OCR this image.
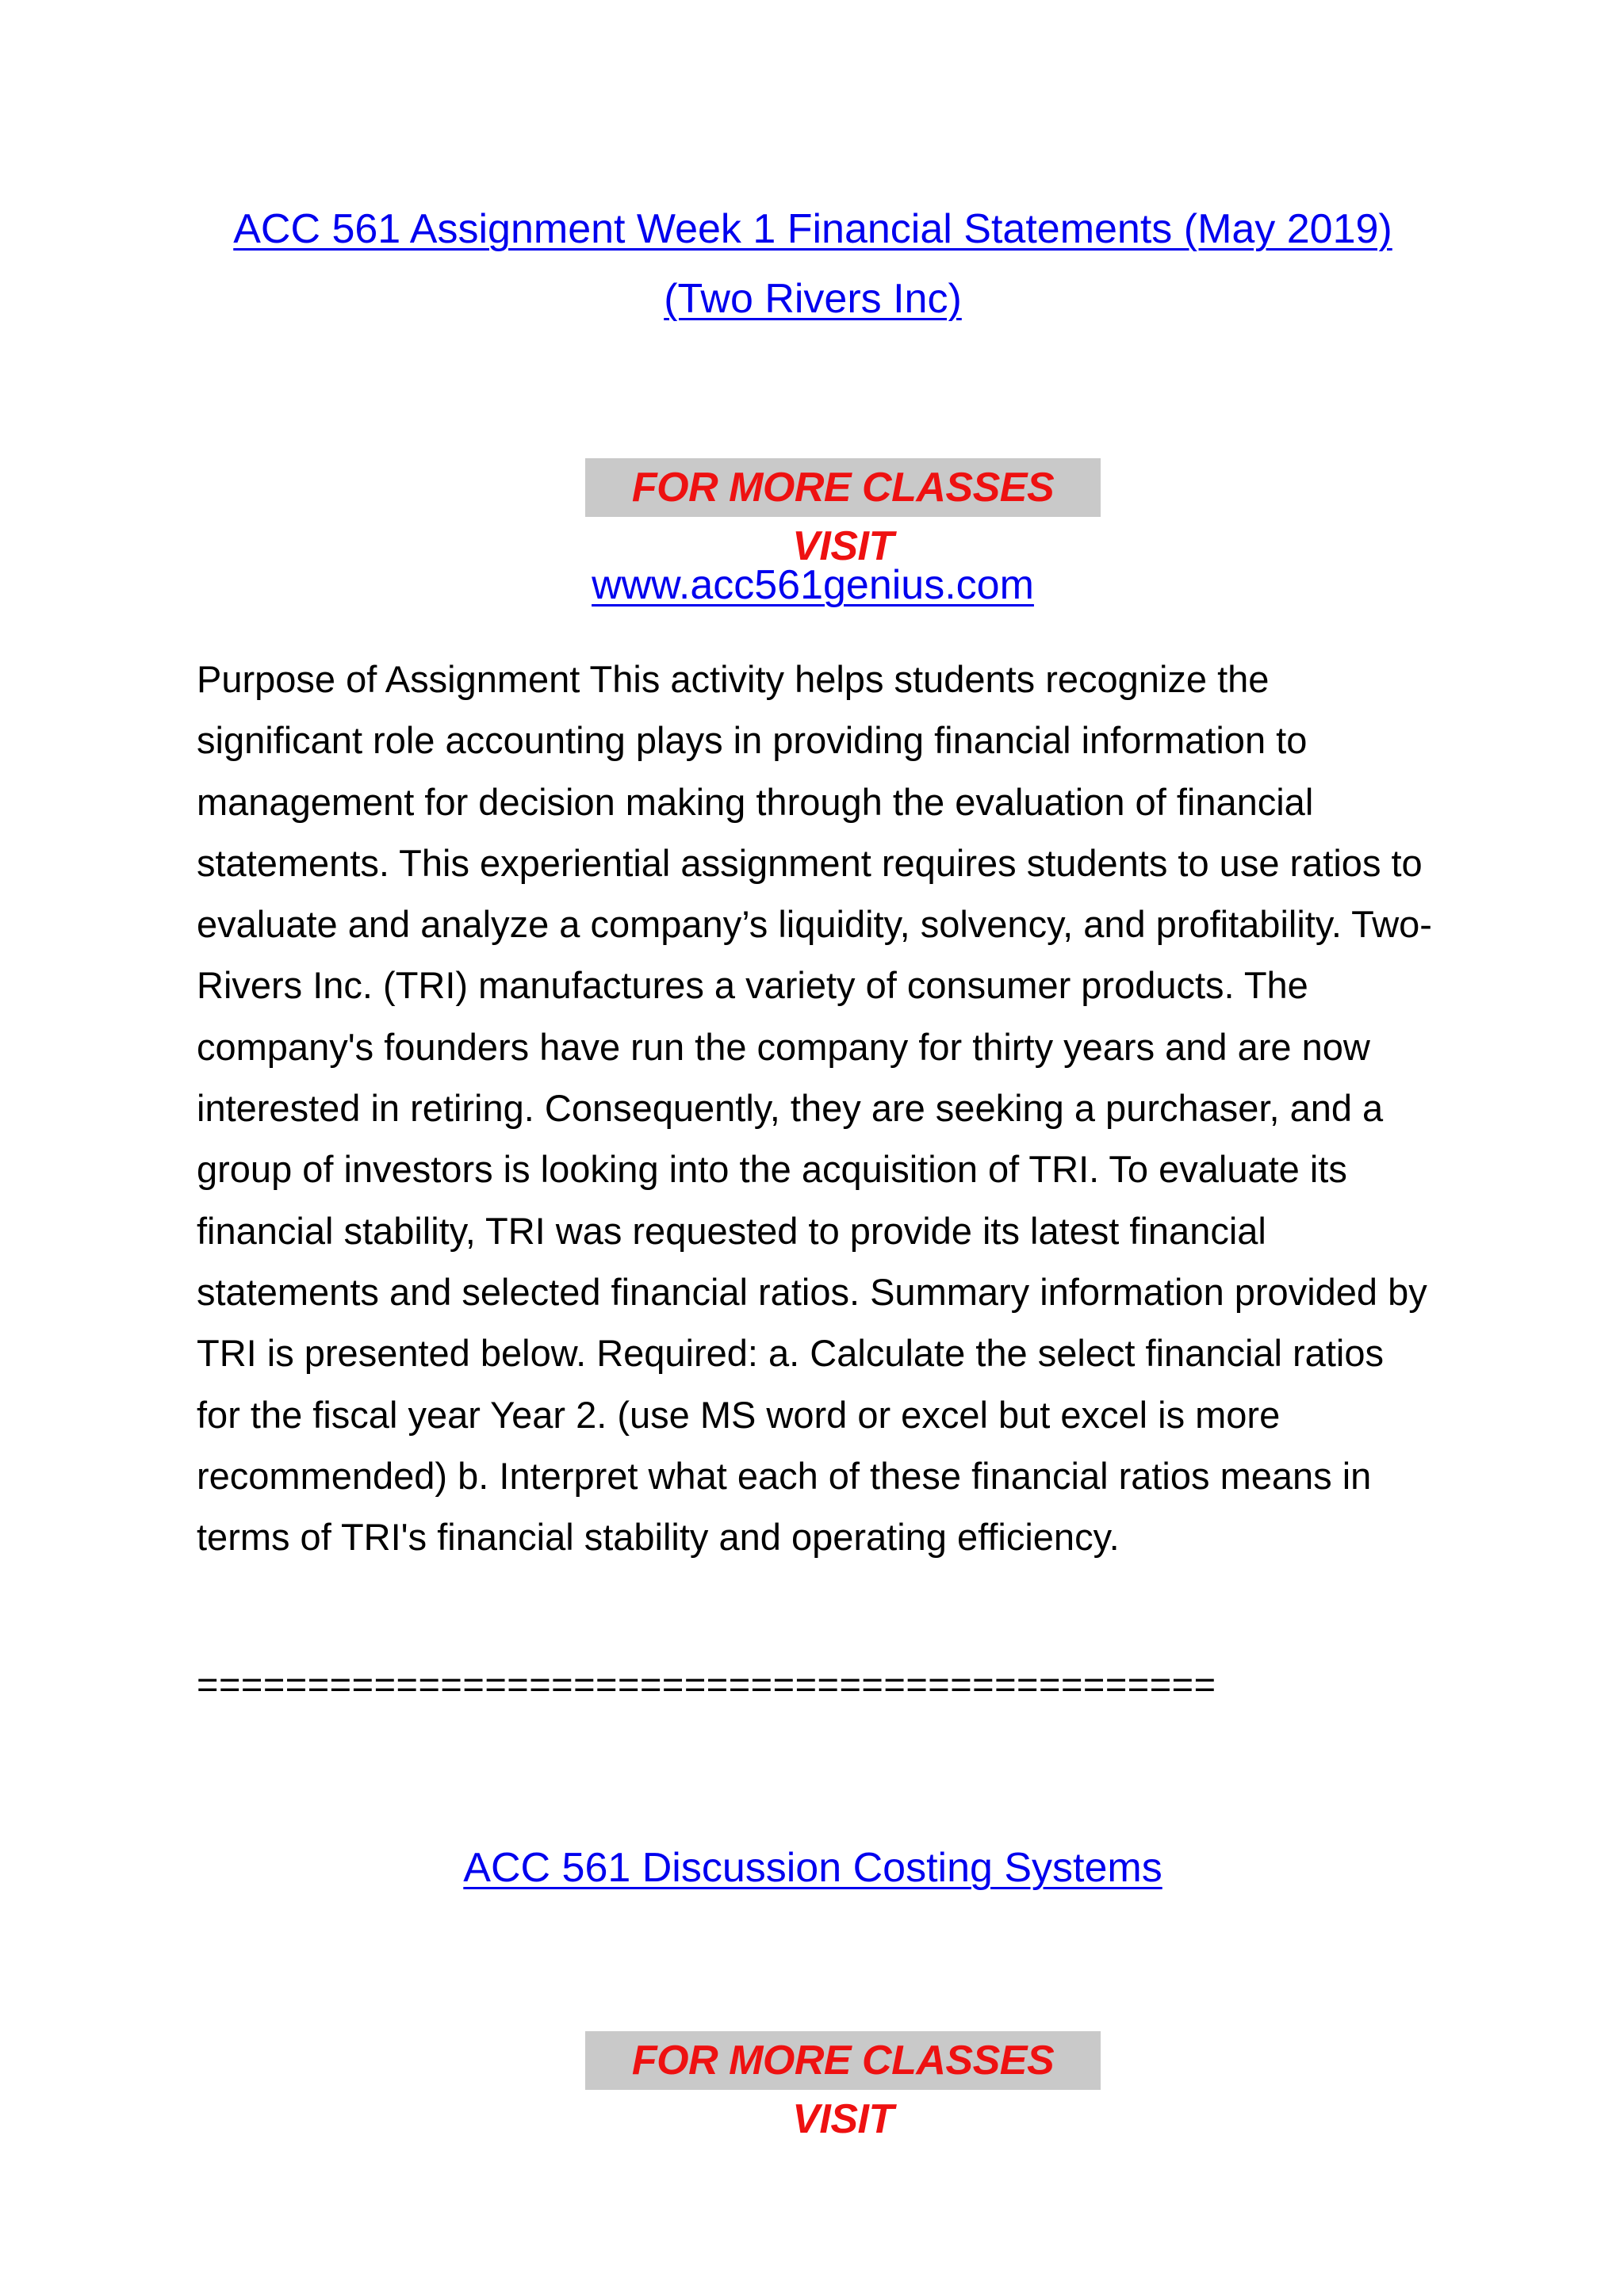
ACC 561 Assignment Week 1 Financial Statements (May 2019) (Two Rivers Inc)
FOR MORE CLASSES VISIT
www.acc561genius.com
Purpose of Assignment This activity helps students recognize the significant role accounting plays in providing financial information to management for decision making through the evaluation of financial statements. This experiential assignment requires students to use ratios to evaluate and analyze a company’s liquidity, solvency, and profitability. Two-Rivers Inc. (TRI) manufactures a variety of consumer products. The company's founders have run the company for thirty years and are now interested in retiring. Consequently, they are seeking a purchaser, and a group of investors is looking into the acquisition of TRI. To evaluate its financial stability, TRI was requested to provide its latest financial statements and selected financial ratios. Summary information provided by TRI is presented below. Required: a. Calculate the select financial ratios for the fiscal year Year 2. (use MS word or excel but excel is more recommended) b. Interpret what each of these financial ratios means in terms of TRI's financial stability and operating efficiency.
==============================================
ACC 561 Discussion Costing Systems
FOR MORE CLASSES VISIT
